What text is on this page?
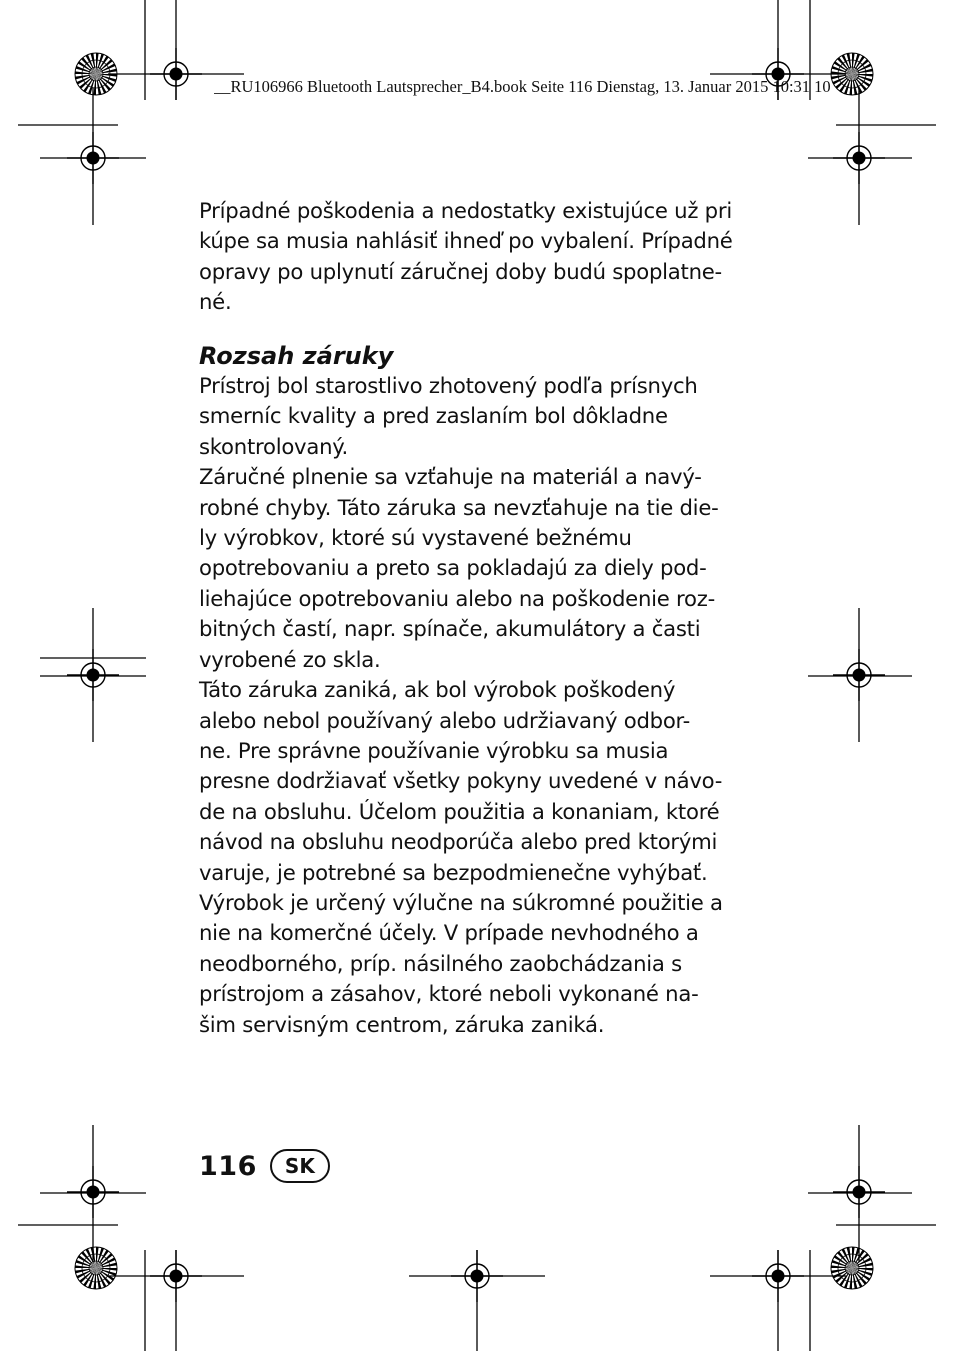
__RU106966 Bluetooth Lautsprecher_B4.book Seite 116 Dienstag, 13. Januar 2015 10:31 10
Prípadné poškodenia a nedostatky existujúce už pri
kúpe sa musia nahlásiť ihneď po vybalení. Prípadné
opravy po uplynutí záručnej doby budú spoplatne-
né.
Rozsah záruky
Prístroj bol starostlivo zhotovený podľa prísnych
smerníc kvality a pred zaslaním bol dôkladne
skontrolovaný.
Záručné plnenie sa vzťahuje na materiál a navý-
robné chyby. Táto záruka sa nevzťahuje na tie die-
ly výrobkov, ktoré sú vystavené bežnému
opotrebovaniu a preto sa pokladajú za diely pod-
liehajúce opotrebovaniu alebo na poškodenie roz-
bitných častí, napr. spínače, akumulátory a časti
vyrobené zo skla.
Táto záruka zaniká, ak bol výrobok poškodený
alebo nebol používaný alebo udržiavaný odbor-
ne. Pre správne používanie výrobku sa musia
presne dodržiavať všetky pokyny uvedené v návo-
de na obsluhu. Účelom použitia a konaniam, ktoré
návod na obsluhu neodporúča alebo pred ktorými
varuje, je potrebné sa bezpodmienečne vyhýbať.
Výrobok je určený výlučne na súkromné použitie a
nie na komerčné účely. V prípade nevhodného a
neodborného, príp. násilného zaobchádzania s
prístrojom a zásahov, ktoré neboli vykonané na-
šim servisným centrom, záruka zaniká.
116	SK
